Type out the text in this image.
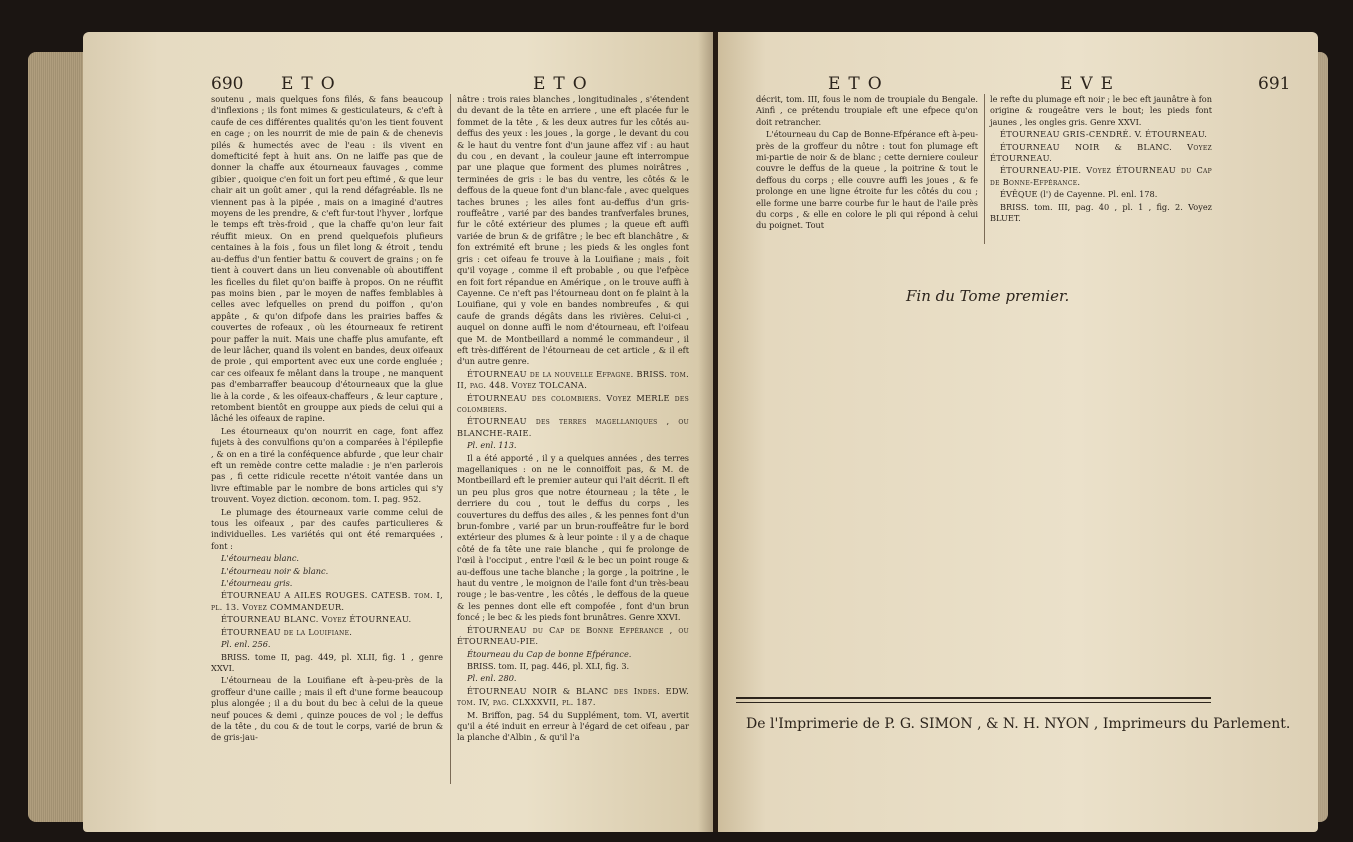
690 ETO	ETO

soutenu , mais quelques fons filés, & fans beaucoup d'inflexions ; ils font mimes & gesticulateurs, & c'eft à caufe de ces différentes qualités qu'on les tient fouvent en cage ; on les nourrit de mie de pain & de chenevis pilés & humectés avec de l'eau : ils vivent en domefticité fept à huit ans. On ne laiffe pas que de donner la chaffe aux étourneaux fauvages , comme gibier , quoique c'en foit un fort peu eftimé , & que leur chair ait un goût amer , qui la rend défagréable. Ils ne viennent pas à la pipée , mais on a imaginé d'autres moyens de les prendre, & c'eft fur-tout l'hyver , lorfque le temps eft très-froid , que la chaffe qu'on leur fait réuffit mieux. On en prend quelquefois plufieurs centaines à la fois , fous un filet long & étroit , tendu au-deffus d'un fentier battu & couvert de grains ; on fe tient à couvert dans un lieu convenable où aboutiffent les ficelles du filet qu'on baiffe à propos. On ne réuffit pas moins bien , par le moyen de naffes femblables à celles avec lefquelles on prend du poiffon , qu'on appâte , & qu'on difpofe dans les prairies baffes & couvertes de rofeaux , où les étourneaux fe retirent pour paffer la nuit. Mais une chaffe plus amufante, eft de leur lâcher, quand ils volent en bandes, deux oifeaux de proie , qui emportent avec eux une corde engluée ; car ces oifeaux fe mêlant dans la troupe , ne manquent pas d'embarraffer beaucoup d'étourneaux que la glue lie à la corde , & les oifeaux-chaffeurs , & leur capture , retombent bientôt en grouppe aux pieds de celui qui a lâché les oifeaux de rapine.

Les étourneaux qu'on nourrit en cage, font affez fujets à des convulfions qu'on a comparées à l'épilepfie , & on en a tiré la conféquence abfurde , que leur chair eft un remède contre cette maladie : je n'en parlerois pas , fi cette ridicule recette n'étoit vantée dans un livre eftimable par le nombre de bons articles qui s'y trouvent. Voyez diction. œconom. tom. I. pag. 952.

Le plumage des étourneaux varie comme celui de tous les oifeaux , par des caufes particulieres & individuelles. Les variétés qui ont été remarquées , font :

L'étourneau blanc.

L'étourneau noir & blanc.

L'étourneau gris.

ÉTOURNEAU A AILES ROUGES. CATESB. tom. I, pl. 13. Voyez COMMANDEUR.

ÉTOURNEAU BLANC. Voyez ÉTOURNEAU.

ÉTOURNEAU de la Louifiane.

Pl. enl. 256.

BRISS. tome II, pag. 449, pl. XLII, fig. 1 , genre XXVI.

L'étourneau de la Louifiane eft à-peu-près de la groffeur d'une caille ; mais il eft d'une forme beaucoup plus alongée ; il a du bout du bec à celui de la queue neuf pouces & demi , quinze pouces de vol ; le deffus de la tête , du cou & de tout le corps, varié de brun & de gris-jau-

nâtre : trois raies blanches , longitudinales , s'étendent du devant de la tête en arriere , une eft placée fur le fommet de la tête , & les deux autres fur les côtés au-deffus des yeux : les joues , la gorge , le devant du cou & le haut du ventre font d'un jaune affez vif : au haut du cou , en devant , la couleur jaune eft interrompue par une plaque que forment des plumes noirâtres , terminées de gris : le bas du ventre, les côtés & le deffous de la queue font d'un blanc-fale , avec quelques taches brunes ; les ailes font au-deffus d'un gris-rouffeâtre , varié par des bandes tranfverfales brunes, fur le côté extérieur des plumes ; la queue eft auffi variée de brun & de grifâtre ; le bec eft blanchâtre , & fon extrémité eft brune ; les pieds & les ongles font gris : cet oifeau fe trouve à la Louifiane ; mais , foit qu'il voyage , comme il eft probable , ou que l'efpèce en foit fort répandue en Amérique , on le trouve auffi à Cayenne. Ce n'eft pas l'étourneau dont on fe plaint à la Louifiane, qui y vole en bandes nombreufes , & qui caufe de grands dégâts dans les rivières. Celui-ci , auquel on donne auffi le nom d'étourneau, eft l'oifeau que M. de Montbeillard a nommé le commandeur , il eft très-différent de l'étourneau de cet article , & il eft d'un autre genre.

ÉTOURNEAU de la nouvelle Efpagne. BRISS. tom. II, pag. 448. Voyez TOLCANA.

ÉTOURNEAU des colombiers. Voyez MERLE des colombiers.

ÉTOURNEAU des terres magellaniques , ou BLANCHE-RAIE.

Pl. enl. 113.

Il a été apporté , il y a quelques années , des terres magellaniques : on ne le connoiffoit pas, & M. de Montbeillard eft le premier auteur qui l'ait décrit. Il eft un peu plus gros que notre étourneau ; la tête , le derriere du cou , tout le deffus du corps , les couvertures du deffus des ailes , & les pennes font d'un brun-fombre , varié par un brun-rouffeâtre fur le bord extérieur des plumes & à leur pointe : il y a de chaque côté de fa tête une raie blanche , qui fe prolonge de l'œil à l'occiput , entre l'œil & le bec un point rouge & au-deffous une tache blanche ; la gorge , la poitrine , le haut du ventre , le moignon de l'aile font d'un très-beau rouge ; le bas-ventre , les côtés , le deffous de la queue & les pennes dont elle eft compofée , font d'un brun foncé ; le bec & les pieds font brunâtres. Genre XXVI.

ÉTOURNEAU du Cap de Bonne Efpérance , ou ÉTOURNEAU-PIE.

Étourneau du Cap de bonne Efpérance.

BRISS. tom. II, pag. 446, pl. XLI, fig. 3.

Pl. enl. 280.

ÉTOURNEAU NOIR & BLANC des Indes. EDW. tom. IV, pag. CLXXXVII, pl. 187.

M. Briffon, pag. 54 du Supplément, tom. VI, avertit qu'il a été induit en erreur à l'égard de cet oifeau , par la planche d'Albin , & qu'il l'a

ETO	EVE	691

décrit, tom. III, fous le nom de troupiale du Bengale. Ainfi , ce prétendu troupiale eft une efpece qu'on doit retrancher.

L'étourneau du Cap de Bonne-Efpérance eft à-peu-près de la groffeur du nôtre : tout fon plumage eft mi-partie de noir & de blanc ; cette derniere couleur couvre le deffus de la queue , la poitrine & tout le deffous du corps ; elle couvre auffi les joues , & fe prolonge en une ligne étroite fur les côtés du cou ; elle forme une barre courbe fur le haut de l'aile près du corps , & elle en colore le pli qui répond à celui du poignet. Tout

le refte du plumage eft noir ; le bec eft jaunâtre à fon origine & rougeâtre vers le bout; les pieds font jaunes , les ongles gris. Genre XXVI.

ÉTOURNEAU GRIS-CENDRÉ. V. ÉTOURNEAU.

ÉTOURNEAU NOIR & BLANC. Voyez ÉTOURNEAU.

ÉTOURNEAU-PIE. Voyez ÉTOURNEAU du Cap de Bonne-Efpérance.

ÉVÊQUE (l') de Cayenne. Pl. enl. 178.

BRISS. tom. III, pag. 40 , pl. 1 , fig. 2. Voyez BLUET.

Fin du Tome premier.
De l'Imprimerie de P. G. SIMON , & N. H. NYON , Imprimeurs du Parlement.
